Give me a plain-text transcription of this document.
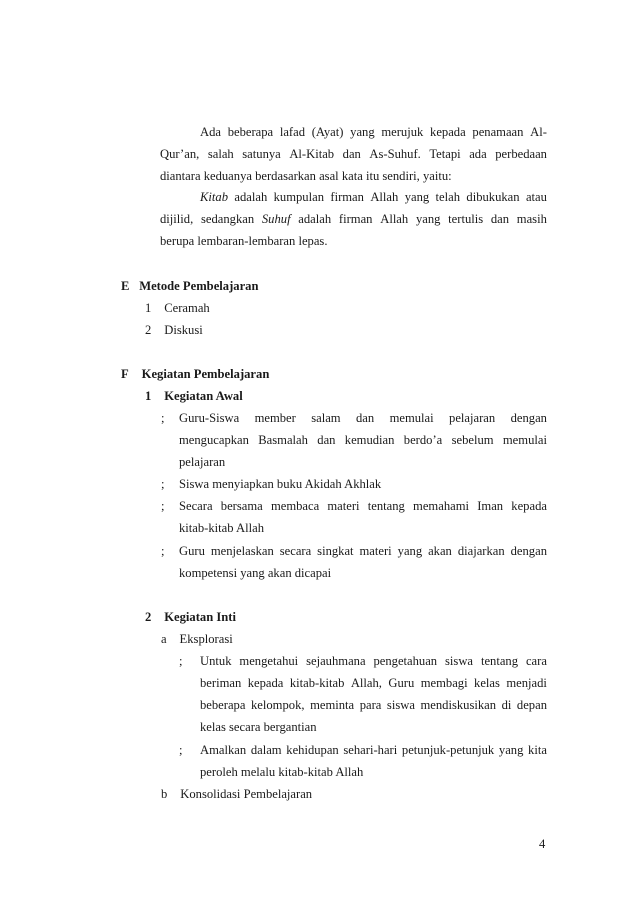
Ada beberapa lafad (Ayat) yang merujuk kepada penamaan Al-
Qur’an, salah satunya Al-Kitab dan As-Suhuf. Tetapi ada perbedaan
diantara keduanya berdasarkan asal kata itu sendiri, yaitu:
Kitab adalah kumpulan firman Allah yang telah dibukukan atau
dijilid, sedangkan Suhuf adalah firman Allah yang tertulis dan masih
berupa lembaran-lembaran lepas.
E Metode Pembelajaran
1 Ceramah
2 Diskusi
F Kegiatan Pembelajaran
1 Kegiatan Awal
; Guru-Siswa member salam dan memulai pelajaran dengan
mengucapkan Basmalah dan kemudian berdo’a sebelum memulai
pelajaran
; Siswa menyiapkan buku Akidah Akhlak
; Secara bersama membaca materi tentang memahami Iman kepada
kitab-kitab Allah
; Guru menjelaskan secara singkat materi yang akan diajarkan dengan
kompetensi yang akan dicapai
2 Kegiatan Inti
a Eksplorasi
; Untuk mengetahui sejauhmana pengetahuan siswa tentang cara
beriman kepada kitab-kitab Allah, Guru membagi kelas menjadi
beberapa kelompok, meminta para siswa mendiskusikan di depan
kelas secara bergantian
; Amalkan dalam kehidupan sehari-hari petunjuk-petunjuk yang kita
peroleh melalu kitab-kitab Allah
b Konsolidasi Pembelajaran
4
